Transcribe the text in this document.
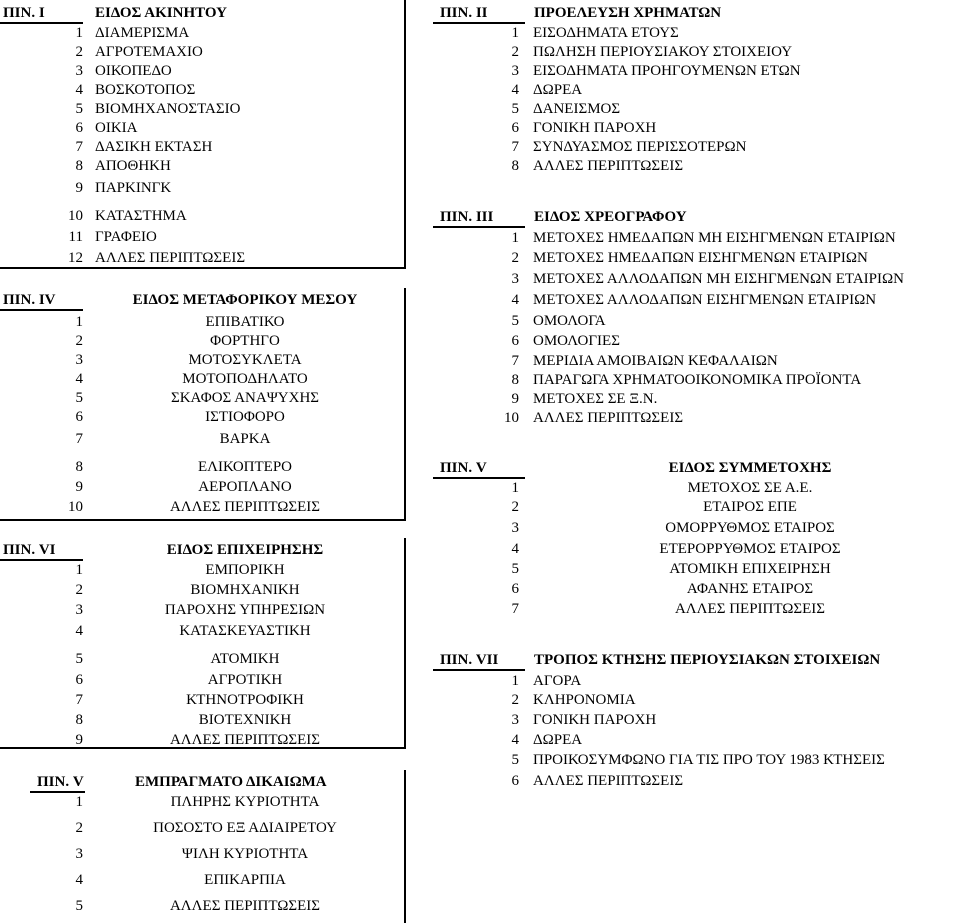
ΠΙΝ. I	ΕΙΔΟΣ ΑΚΙΝΗΤΟΥ
1 ΔΙΑΜΕΡΙΣΜΑ
2 ΑΓΡΟΤΕΜΑΧΙΟ
3 ΟΙΚΟΠΕΔΟ
4 ΒΟΣΚΟΤΟΠΟΣ
5 ΒΙΟΜΗΧΑΝΟΣΤΑΣΙΟ
6 ΟΙΚΙΑ
7 ΔΑΣΙΚΗ ΕΚΤΑΣΗ
8 ΑΠΟΘΗΚΗ
9 ΠΑΡΚΙΝΓΚ
10 ΚΑΤΑΣΤΗΜΑ
11 ΓΡΑΦΕΙΟ
12 ΑΛΛΕΣ ΠΕΡΙΠΤΩΣΕΙΣ
ΠΙΝ. II	ΠΡΟΕΛΕΥΣΗ ΧΡΗΜΑΤΩΝ
1 ΕΙΣΟΔΗΜΑΤΑ ΕΤΟΥΣ
2 ΠΩΛΗΣΗ ΠΕΡΙΟΥΣΙΑΚΟΥ ΣΤΟΙΧΕΙΟΥ
3 ΕΙΣΟΔΗΜΑΤΑ ΠΡΟΗΓΟΥΜΕΝΩΝ ΕΤΩΝ
4 ΔΩΡΕΑ
5 ΔΑΝΕΙΣΜΟΣ
6 ΓΟΝΙΚΗ ΠΑΡΟΧΗ
7 ΣΥΝΔΥΑΣΜΟΣ ΠΕΡΙΣΣΟΤΕΡΩΝ
8 ΑΛΛΕΣ ΠΕΡΙΠΤΩΣΕΙΣ
ΠΙΝ. III	ΕΙΔΟΣ ΧΡΕΟΓΡΑΦΟΥ
1 ΜΕΤΟΧΕΣ ΗΜΕΔΑΠΩΝ ΜΗ ΕΙΣΗΓΜΕΝΩΝ ΕΤΑΙΡΙΩΝ
2 ΜΕΤΟΧΕΣ ΗΜΕΔΑΠΩΝ ΕΙΣΗΓΜΕΝΩΝ ΕΤΑΙΡΙΩΝ
3 ΜΕΤΟΧΕΣ ΑΛΛΟΔΑΠΩΝ ΜΗ ΕΙΣΗΓΜΕΝΩΝ ΕΤΑΙΡΙΩΝ
4 ΜΕΤΟΧΕΣ ΑΛΛΟΔΑΠΩΝ ΕΙΣΗΓΜΕΝΩΝ ΕΤΑΙΡΙΩΝ
5 ΟΜΟΛΟΓΑ
6 ΟΜΟΛΟΓΙΕΣ
7 ΜΕΡΙΔΙΑ ΑΜΟΙΒΑΙΩΝ ΚΕΦΑΛΑΙΩΝ
8 ΠΑΡΑΓΩΓΑ ΧΡΗΜΑΤΟΟΙΚΟΝΟΜΙΚΑ ΠΡΟΪΟΝΤΑ
9 ΜΕΤΟΧΕΣ ΣΕ Ξ.Ν.
10 ΑΛΛΕΣ ΠΕΡΙΠΤΩΣΕΙΣ
ΠΙΝ. IV	ΕΙΔΟΣ ΜΕΤΑΦΟΡΙΚΟΥ ΜΕΣΟΥ
1	ΕΠΙΒΑΤΙΚΟ
2	ΦΟΡΤΗΓΟ
3	ΜΟΤΟΣΥΚΛΕΤΑ
4	ΜΟΤΟΠΟΔΗΛΑΤΟ
5	ΣΚΑΦΟΣ ΑΝΑΨΥΧΗΣ
6	ΙΣΤΙΟΦΟΡΟ
7	ΒΑΡΚΑ
8	ΕΛΙΚΟΠΤΕΡΟ
9	ΑΕΡΟΠΛΑΝΟ
10	ΑΛΛΕΣ ΠΕΡΙΠΤΩΣΕΙΣ
ΠΙΝ. V	ΕΙΔΟΣ ΣΥΜΜΕΤΟΧΗΣ
1	ΜΕΤΟΧΟΣ ΣΕ Α.Ε.
2	ΕΤΑΙΡΟΣ ΕΠΕ
3	ΟΜΟΡΡΥΘΜΟΣ ΕΤΑΙΡΟΣ
4	ΕΤΕΡΟΡΡΥΘΜΟΣ ΕΤΑΙΡΟΣ
5	ΑΤΟΜΙΚΗ ΕΠΙΧΕΙΡΗΣΗ
6	ΑΦΑΝΗΣ ΕΤΑΙΡΟΣ
7	ΑΛΛΕΣ ΠΕΡΙΠΤΩΣΕΙΣ
ΠΙΝ. VI	ΕΙΔΟΣ ΕΠΙΧΕΙΡΗΣΗΣ
1	ΕΜΠΟΡΙΚΗ
2	ΒΙΟΜΗΧΑΝΙΚΗ
3	ΠΑΡΟΧΗΣ ΥΠΗΡΕΣΙΩΝ
4	ΚΑΤΑΣΚΕΥΑΣΤΙΚΗ
5	ΑΤΟΜΙΚΗ
6	ΑΓΡΟΤΙΚΗ
7	ΚΤΗΝΟΤΡΟΦΙΚΗ
8	ΒΙΟΤΕΧΝΙΚΗ
9	ΑΛΛΕΣ ΠΕΡΙΠΤΩΣΕΙΣ
ΠΙΝ. VII ΤΡΟΠΟΣ ΚΤΗΣΗΣ ΠΕΡΙΟΥΣΙΑΚΩΝ ΣΤΟΙΧΕΙΩΝ
1 ΑΓΟΡΑ
2 ΚΛΗΡΟΝΟΜΙΑ
3 ΓΟΝΙΚΗ ΠΑΡΟΧΗ
4 ΔΩΡΕΑ
5 ΠΡΟΙΚΟΣΥΜΦΩΝΟ ΓΙΑ ΤΙΣ ΠΡΟ ΤΟΥ 1983 ΚΤΗΣΕΙΣ
6 ΑΛΛΕΣ ΠΕΡΙΠΤΩΣΕΙΣ
ΠΙΝ. V	ΕΜΠΡΑΓΜΑΤΟ ΔΙΚΑΙΩΜΑ
1	ΠΛΗΡΗΣ ΚΥΡΙΟΤΗΤΑ
2	ΠΟΣΟΣΤΟ ΕΞ ΑΔΙΑΙΡΕΤΟΥ
3	ΨΙΛΗ ΚΥΡΙΟΤΗΤΑ
4	ΕΠΙΚΑΡΠΙΑ
5	ΑΛΛΕΣ ΠΕΡΙΠΤΩΣΕΙΣ
